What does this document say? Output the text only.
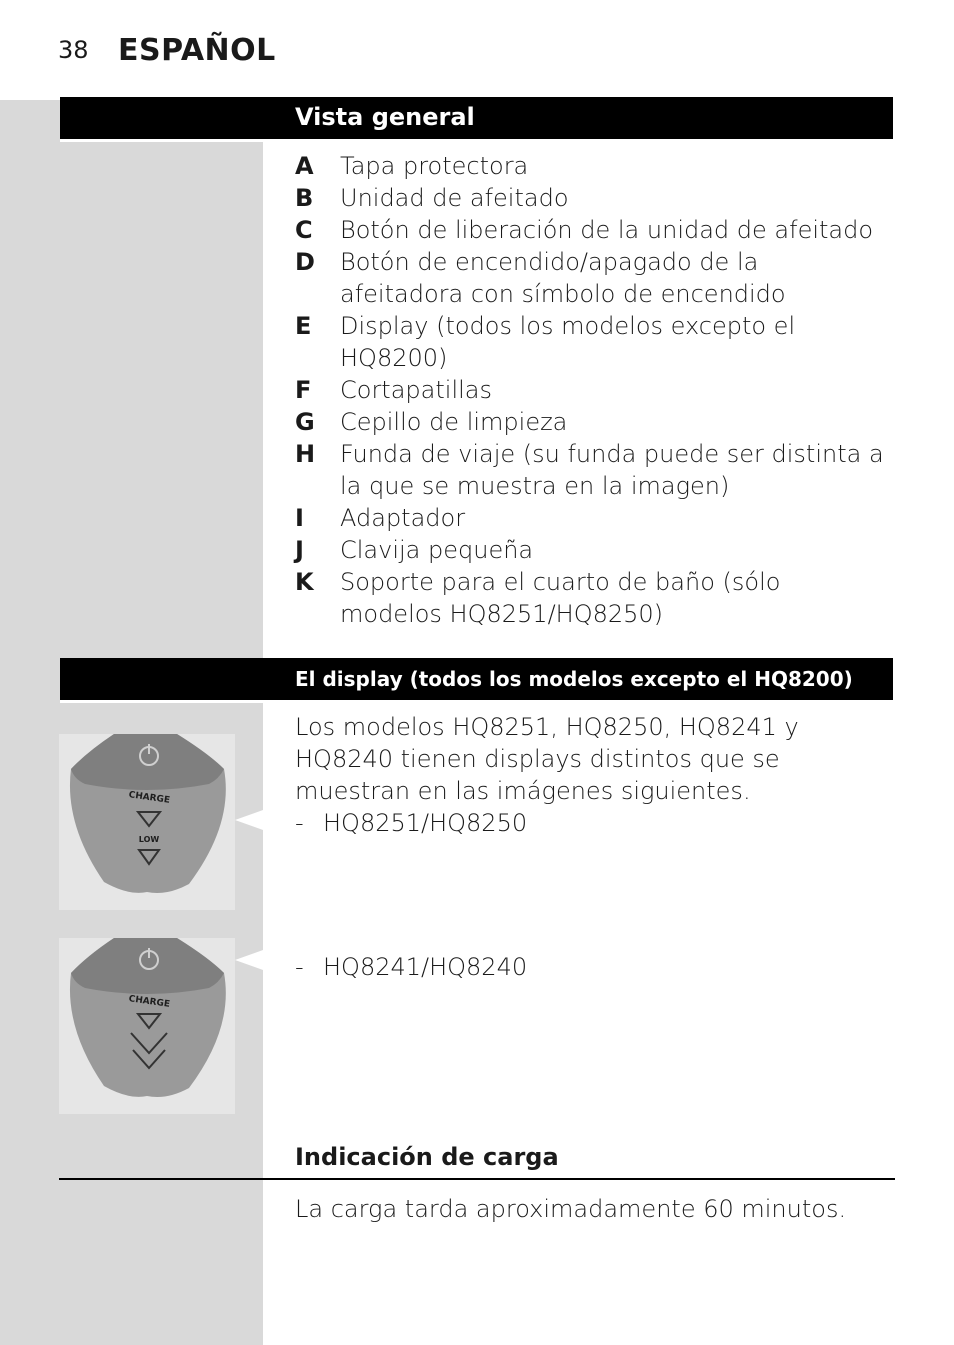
38 ESPAÑOL
Vista general
A	Tapa protectora
B	Unidad de afeitado
C	Botón de liberación de la unidad de afeitado
D	Botón de encendido/apagado de la afeitadora con símbolo de encendido
E	Display (todos los modelos excepto el HQ8200)
F	Cortapatillas
G	Cepillo de limpieza
H	Funda de viaje (su funda puede ser distinta a la que se muestra en la imagen)
I	Adaptador
J	Clavija pequeña
K	Soporte para el cuarto de baño (sólo modelos HQ8251/HQ8250)
El display (todos los modelos excepto el HQ8200)
Los modelos HQ8251, HQ8250, HQ8241 y HQ8240 tienen displays distintos que se muestran en las imágenes siguientes.
- HQ8251/HQ8250
- HQ8241/HQ8240
CHARGE
LOW
CHARGE
Indicación de carga
La carga tarda aproximadamente 60 minutos.
